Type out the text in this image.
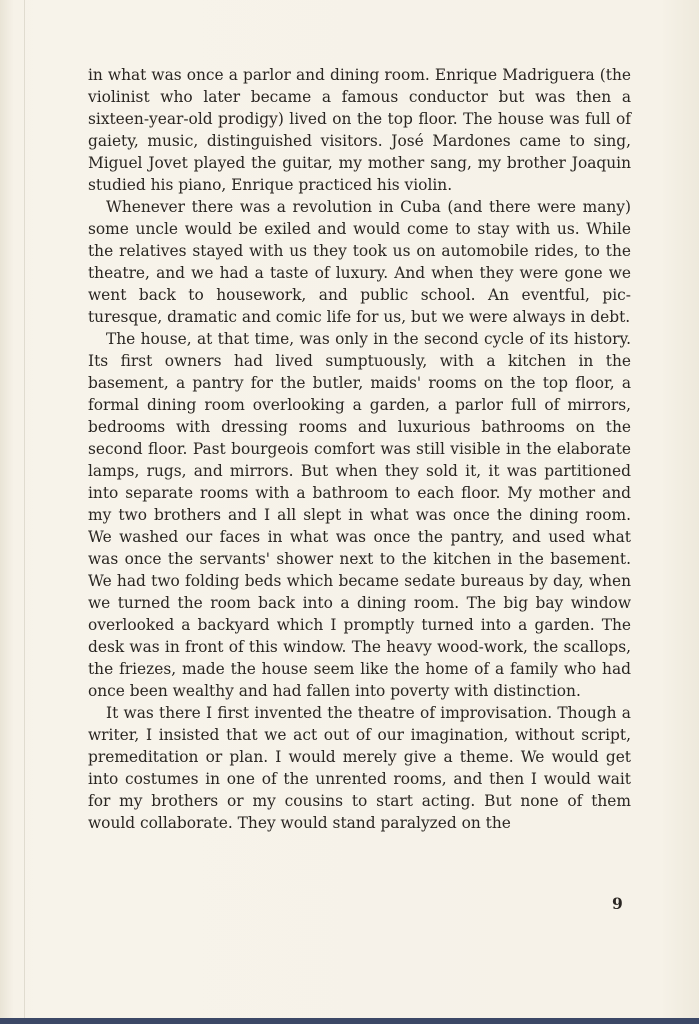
in what was once a parlor and dining room. Enrique Madriguera (the violinist who later became a famous conductor but was then a sixteen-year-old prodigy) lived on the top floor. The house was full of gaiety, music, distinguished visitors. José Mardones came to sing, Miguel Jovet played the guitar, my mother sang, my brother Joaquin studied his piano, Enrique practiced his violin.

Whenever there was a revolution in Cuba (and there were many) some uncle would be exiled and would come to stay with us. While the relatives stayed with us they took us on automobile rides, to the theatre, and we had a taste of luxury. And when they were gone we went back to housework, and public school. An eventful, pic-turesque, dramatic and comic life for us, but we were always in debt.

The house, at that time, was only in the second cycle of its history. Its first owners had lived sumptuously, with a kitchen in the basement, a pantry for the butler, maids' rooms on the top floor, a formal dining room overlooking a garden, a parlor full of mirrors, bedrooms with dressing rooms and luxurious bathrooms on the second floor. Past bourgeois comfort was still visible in the elaborate lamps, rugs, and mirrors. But when they sold it, it was partitioned into separate rooms with a bathroom to each floor. My mother and my two brothers and I all slept in what was once the dining room. We washed our faces in what was once the pantry, and used what was once the servants' shower next to the kitchen in the basement. We had two folding beds which became sedate bureaus by day, when we turned the room back into a dining room. The big bay window overlooked a backyard which I promptly turned into a garden. The desk was in front of this window. The heavy wood-work, the scallops, the friezes, made the house seem like the home of a family who had once been wealthy and had fallen into poverty with distinction.

It was there I first invented the theatre of improvisation. Though a writer, I insisted that we act out of our imagination, without script, premeditation or plan. I would merely give a theme. We would get into costumes in one of the unrented rooms, and then I would wait for my brothers or my cousins to start acting. But none of them would collaborate. They would stand paralyzed on the

9
